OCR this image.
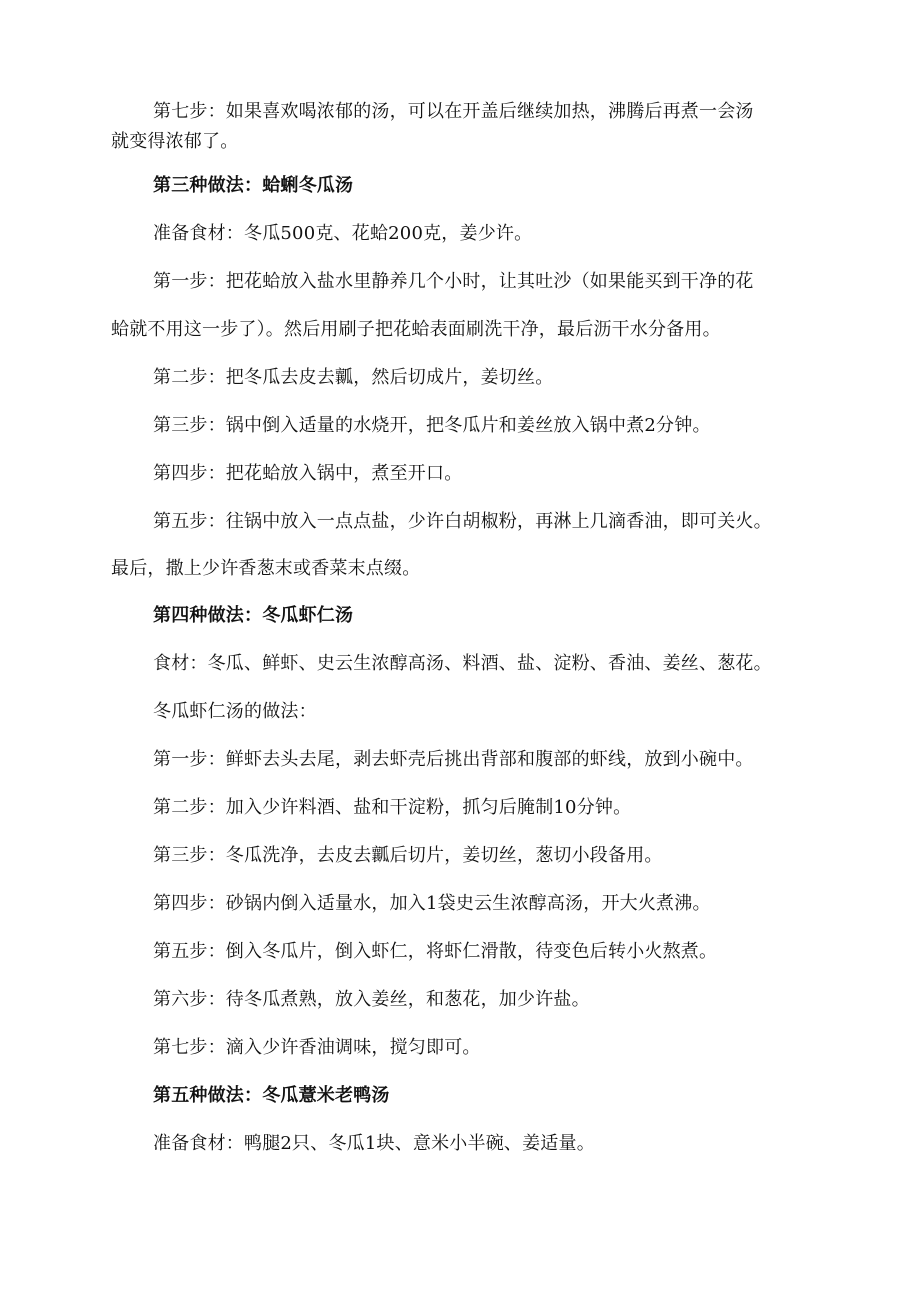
第七步：如果喜欢喝浓郁的汤，可以在开盖后继续加热，沸腾后再煮一会汤
就变得浓郁了。
第三种做法：蛤蜊冬瓜汤
准备食材：冬瓜500克、花蛤200克，姜少许。
第一步：把花蛤放入盐水里静养几个小时，让其吐沙（如果能买到干净的花
蛤就不用这一步了）。然后用刷子把花蛤表面刷洗干净，最后沥干水分备用。
第二步：把冬瓜去皮去瓤，然后切成片，姜切丝。
第三步：锅中倒入适量的水烧开，把冬瓜片和姜丝放入锅中煮2分钟。
第四步：把花蛤放入锅中，煮至开口。
第五步：往锅中放入一点点盐，少许白胡椒粉，再淋上几滴香油，即可关火。
最后，撒上少许香葱末或香菜末点缀。
第四种做法：冬瓜虾仁汤
食材：冬瓜、鲜虾、史云生浓醇高汤、料酒、盐、淀粉、香油、姜丝、葱花。
冬瓜虾仁汤的做法：
第一步：鲜虾去头去尾，剥去虾壳后挑出背部和腹部的虾线，放到小碗中。
第二步：加入少许料酒、盐和干淀粉，抓匀后腌制10分钟。
第三步：冬瓜洗净，去皮去瓤后切片，姜切丝，葱切小段备用。
第四步：砂锅内倒入适量水，加入1袋史云生浓醇高汤，开大火煮沸。
第五步：倒入冬瓜片，倒入虾仁，将虾仁滑散，待变色后转小火熬煮。
第六步：待冬瓜煮熟，放入姜丝，和葱花，加少许盐。
第七步：滴入少许香油调味，搅匀即可。
第五种做法：冬瓜薏米老鸭汤
准备食材：鸭腿2只、冬瓜1块、意米小半碗、姜适量。
